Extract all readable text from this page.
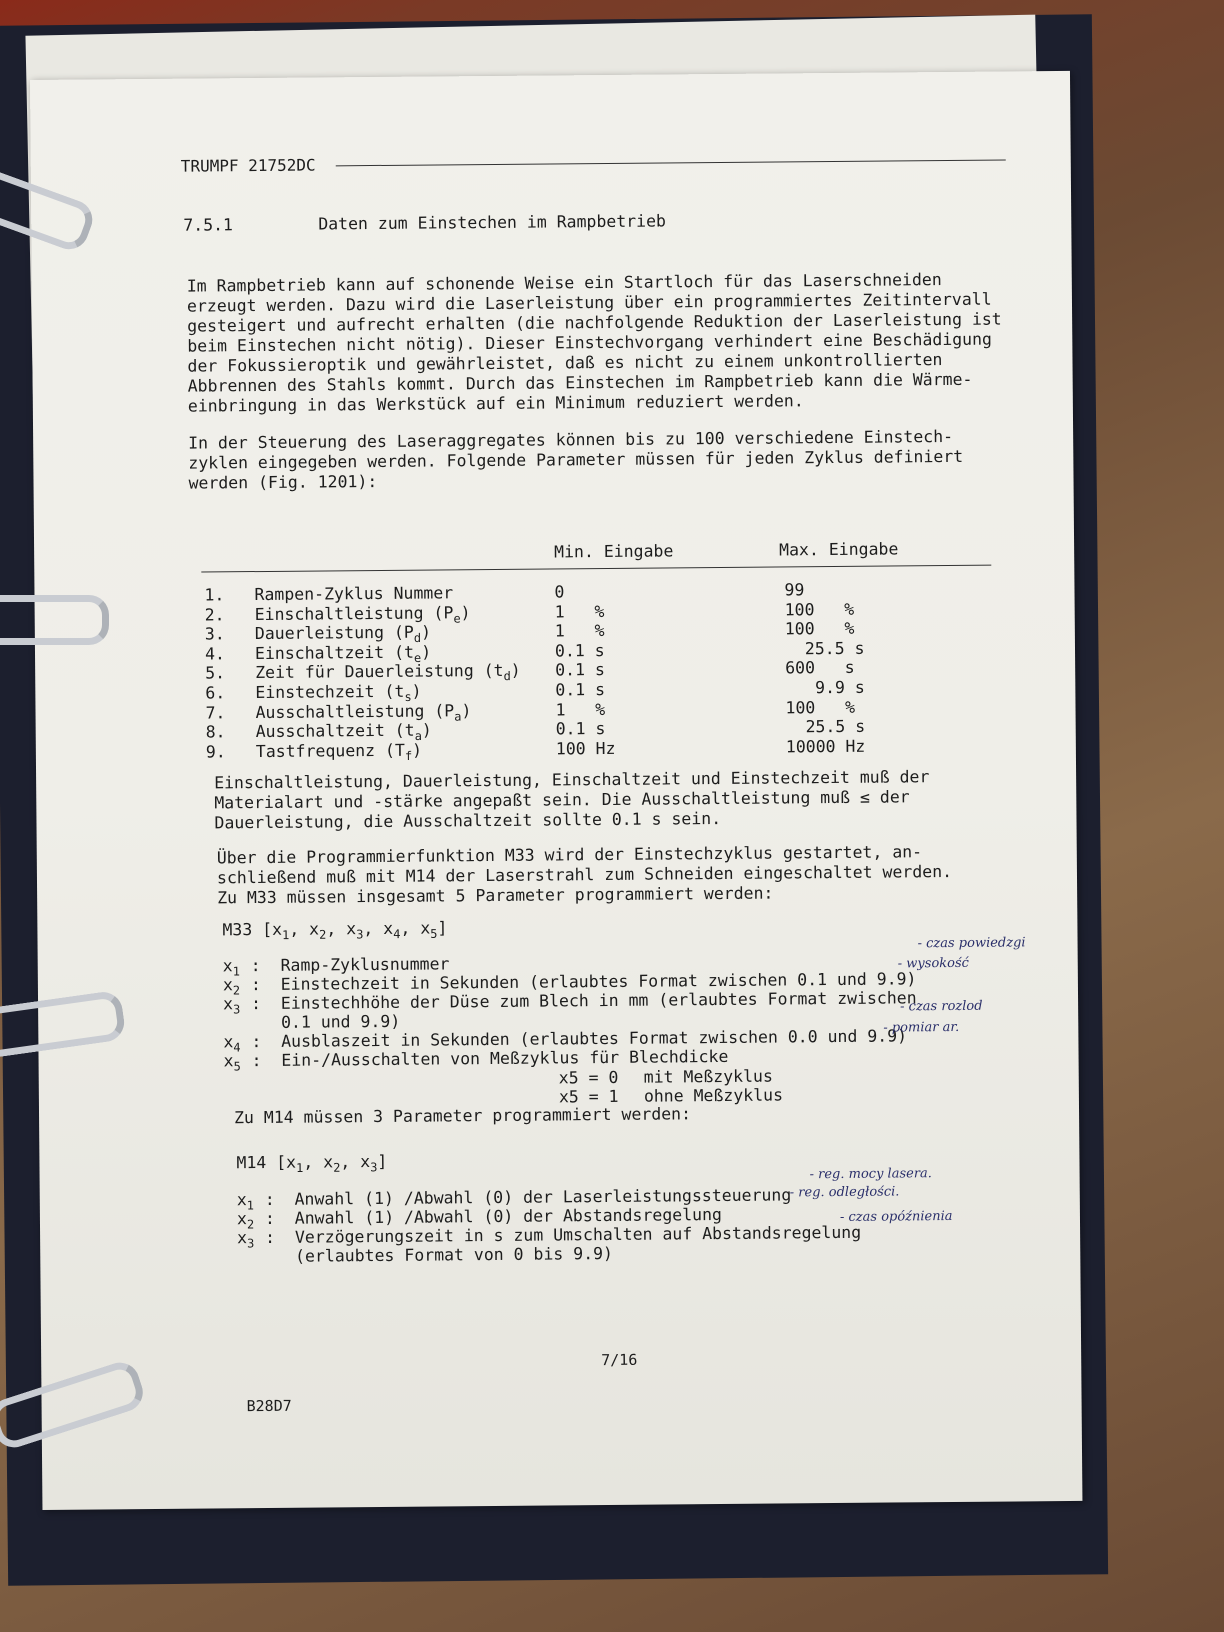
TRUMPF 21752DC
7.5.1	Daten zum Einstechen im Rampbetrieb
Im Rampbetrieb kann auf schonende Weise ein Startloch für das Laserschneiden
erzeugt werden. Dazu wird die Laserleistung über ein programmiertes Zeitintervall
gesteigert und aufrecht erhalten (die nachfolgende Reduktion der Laserleistung ist
beim Einstechen nicht nötig). Dieser Einstechvorgang verhindert eine Beschädigung
der Fokussieroptik und gewährleistet, daß es nicht zu einem unkontrollierten
Abbrennen des Stahls kommt. Durch das Einstechen im Rampbetrieb kann die Wärme-
einbringung in das Werkstück auf ein Minimum reduziert werden.
In der Steuerung des Laseraggregates können bis zu 100 verschiedene Einstech-
zyklen eingegeben werden. Folgende Parameter müssen für jeden Zyklus definiert
werden (Fig. 1201):
Min. Eingabe	Max. Eingabe
1. Rampen-Zyklus Nummer	0	99
2. Einschaltleistung $(P_e)$	1   %	100   %
3. Dauerleistung $(P_d)$	1   %	100   %
4. Einschaltzeit $(t_e)$	0.1 s	25.5 s
5. Zeit für Dauerleistung $(t_d)$ 0.1 s	600   s
6. Einstechzeit $(t_s)$	0.1 s	9.9 s
7. Ausschaltleistung $(P_a)$	1   %	100   %
8. Ausschaltzeit $(t_a)$	0.1 s	25.5 s
9. Tastfrequenz $(T_f)$	100 Hz	10000 Hz
Einschaltleistung, Dauerleistung, Einschaltzeit und Einstechzeit muß der
Materialart und -stärke angepaßt sein. Die Ausschaltleistung muß ≤ der
Dauerleistung, die Ausschaltzeit sollte 0.1 s sein.
Über die Programmierfunktion M33 wird der Einstechzyklus gestartet, an-
schließend muß mit M14 der Laserstrahl zum Schneiden eingeschaltet werden.
Zu M33 müssen insgesamt 5 Parameter programmiert werden:
M33 [$x_1$, $x_2$, $x_3$, $x_4$, $x_5$]
$x_1$ :  Ramp-Zyklusnummer
$x_2$ :  Einstechzeit in Sekunden (erlaubtes Format zwischen 0.1 und 9.9)
$x_3$ :  Einstechhöhe der Düse zum Blech in mm (erlaubtes Format zwischen
0.1 und 9.9)
$x_4$ :  Ausblaszeit in Sekunden (erlaubtes Format zwischen 0.0 und 9.9)
$x_5$ :  Ein-/Ausschalten von Meßzyklus für Blechdicke
x5 = 0 mit Meßzyklus
x5 = 1 ohne Meßzyklus
Zu M14 müssen 3 Parameter programmiert werden:
M14 [$x_1$, $x_2$, $x_3$]
$x_1$ :  Anwahl (1) /Abwahl (0) der Laserleistungssteuerung
$x_2$ :  Anwahl (1) /Abwahl (0) der Abstandsregelung
$x_3$ :  Verzögerungszeit in s zum Umschalten auf Abstandsregelung
(erlaubtes Format von 0 bis 9.9)
- czas powiedzgi
- wysokość
- czas rozlod
- pomiar ar.
- reg. mocy lasera.
- reg. odległości.
- czas opóźnienia
7/16
B28D7
